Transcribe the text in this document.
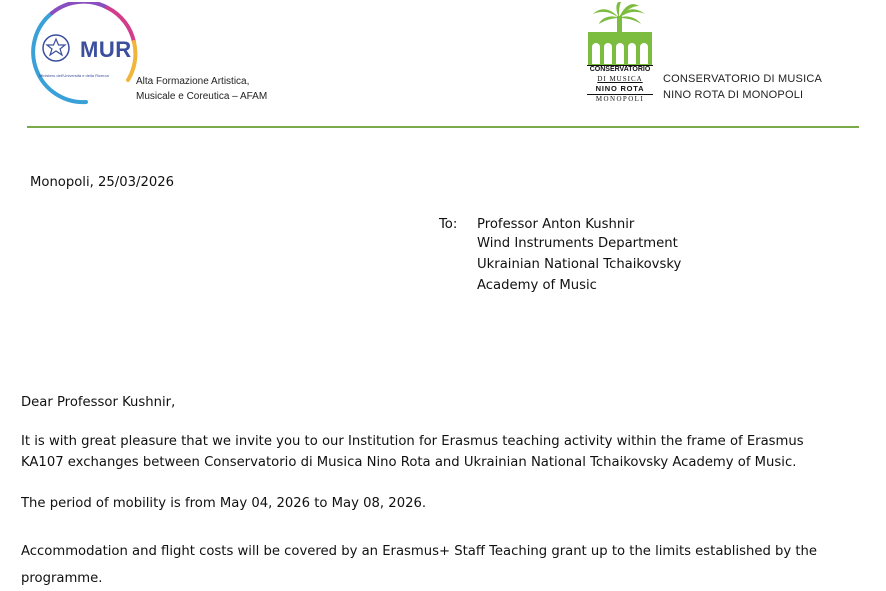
MUR
Ministero dell'Università e della Ricerca
Alta Formazione Artistica,
Musicale e Coreutica – AFAM
CONSERVATORIO
DI MUSICA
NINO ROTA
MONOPOLI
CONSERVATORIO DI MUSICA
NINO ROTA DI MONOPOLI
Monopoli, 25/03/2026
To: Professor Anton Kushnir
Wind Instruments Department
Ukrainian National Tchaikovsky
Academy of Music
Dear Professor Kushnir,
It is with great pleasure that we invite you to our Institution for Erasmus teaching activity within the frame of Erasmus
KA107 exchanges between Conservatorio di Musica Nino Rota and Ukrainian National Tchaikovsky Academy of Music.
The period of mobility is from May 04, 2026 to May 08, 2026.
Accommodation and flight costs will be covered by an Erasmus+ Staff Teaching grant up to the limits established by the
programme.
